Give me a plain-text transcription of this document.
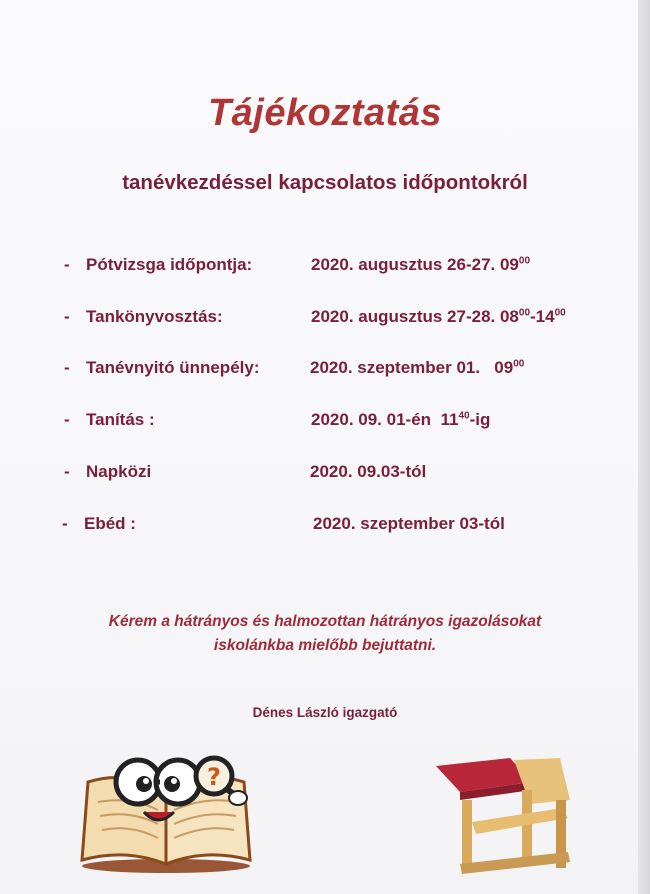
Tájékoztatás
tanévkezdéssel kapcsolatos időpontokról
- Pótvizsga időpontja:	2020. augusztus 26-27. $09^{00}$
- Tankönyvosztás:	2020. augusztus 27-28. $08^{00}-14^{00}$
- Tanévnyitó ünnepély:	2020. szeptember 01.   $09^{00}$
- Tanítás :	2020. 09. 01-én  $11^{40}-ig$
- Napközi	2020. 09.03-tól
- Ebéd :	2020. szeptember 03-tól
Kérem a hátrányos és halmozottan hátrányos igazolásokat
iskolánkba mielőbb bejuttatni.
Dénes László igazgató
?
